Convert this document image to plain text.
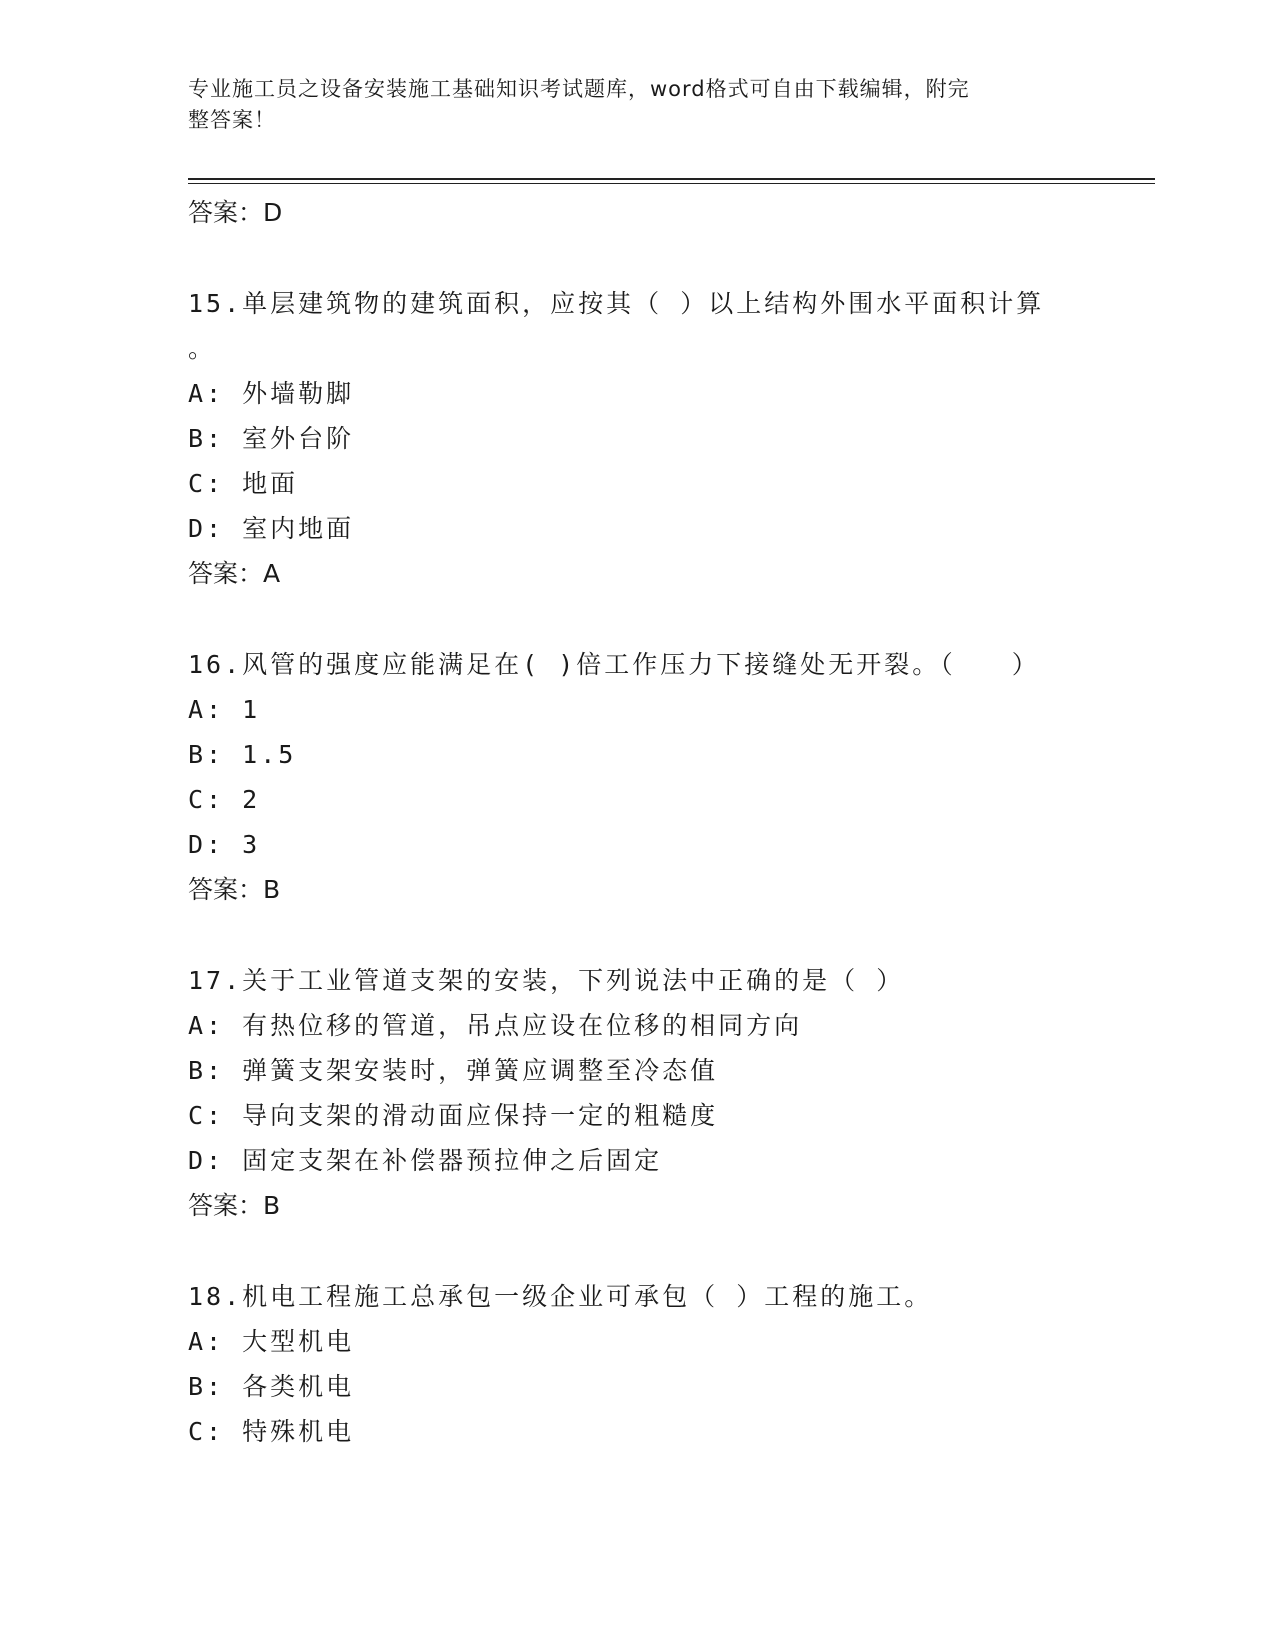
专业施工员之设备安装施工基础知识考试题库，word格式可自由下载编辑，附完
整答案！
答案：D
15.单层建筑物的建筑面积，应按其（ ）以上结构外围水平面积计算
。
A: 外墙勒脚
B: 室外台阶
C: 地面
D: 室内地面
答案：A
16.风管的强度应能满足在( )倍工作压力下接缝处无开裂。（　　）
A: 1
B: 1.5
C: 2
D: 3
答案：B
17.关于工业管道支架的安装，下列说法中正确的是（ ）
A: 有热位移的管道，吊点应设在位移的相同方向
B: 弹簧支架安装时，弹簧应调整至冷态值
C: 导向支架的滑动面应保持一定的粗糙度
D: 固定支架在补偿器预拉伸之后固定
答案：B
18.机电工程施工总承包一级企业可承包（ ）工程的施工。
A: 大型机电
B: 各类机电
C: 特殊机电
